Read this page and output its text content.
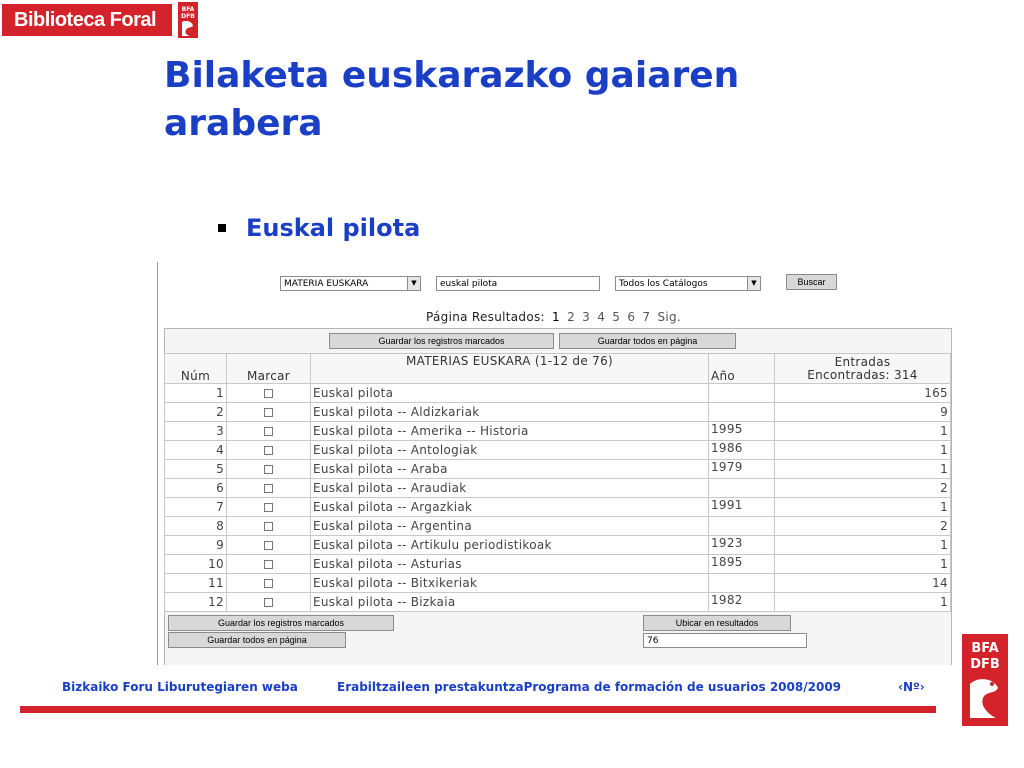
Biblioteca Foral	BFA
DFB
Bilaketa euskarazko gaiaren arabera
Euskal pilota
MATERIA EUSKARA	▼	euskal pilota	Todos los Catálogos	▼	Buscar
Página Resultados: 1 2 3 4 5 6 7 Sig.
Guardar los registros marcados	Guardar todos en página
Núm	Marcar	MATERIAS EUSKARA (1-12 de 76)	Año	Entradas
Encontradas: 314
1		Euskal pilota		165
2		Euskal pilota -- Aldizkariak		9
3		Euskal pilota -- Amerika -- Historia	1995	1
4		Euskal pilota -- Antologiak	1986	1
5		Euskal pilota -- Araba	1979	1
6		Euskal pilota -- Araudiak		2
7		Euskal pilota -- Argazkiak	1991	1
8		Euskal pilota -- Argentina		2
9		Euskal pilota -- Artikulu periodistikoak	1923	1
10		Euskal pilota -- Asturias	1895	1
11		Euskal pilota -- Bitxikeriak		14
12		Euskal pilota -- Bizkaia	1982	1
Guardar los registros marcados
Guardar todos en página
Ubicar en resultados
76
Bizkaiko Foru Liburutegiaren weba	Erabiltzaileen prestakuntzaPrograma de formación de usuarios 2008/2009	‹Nº›
BFA
DFB
